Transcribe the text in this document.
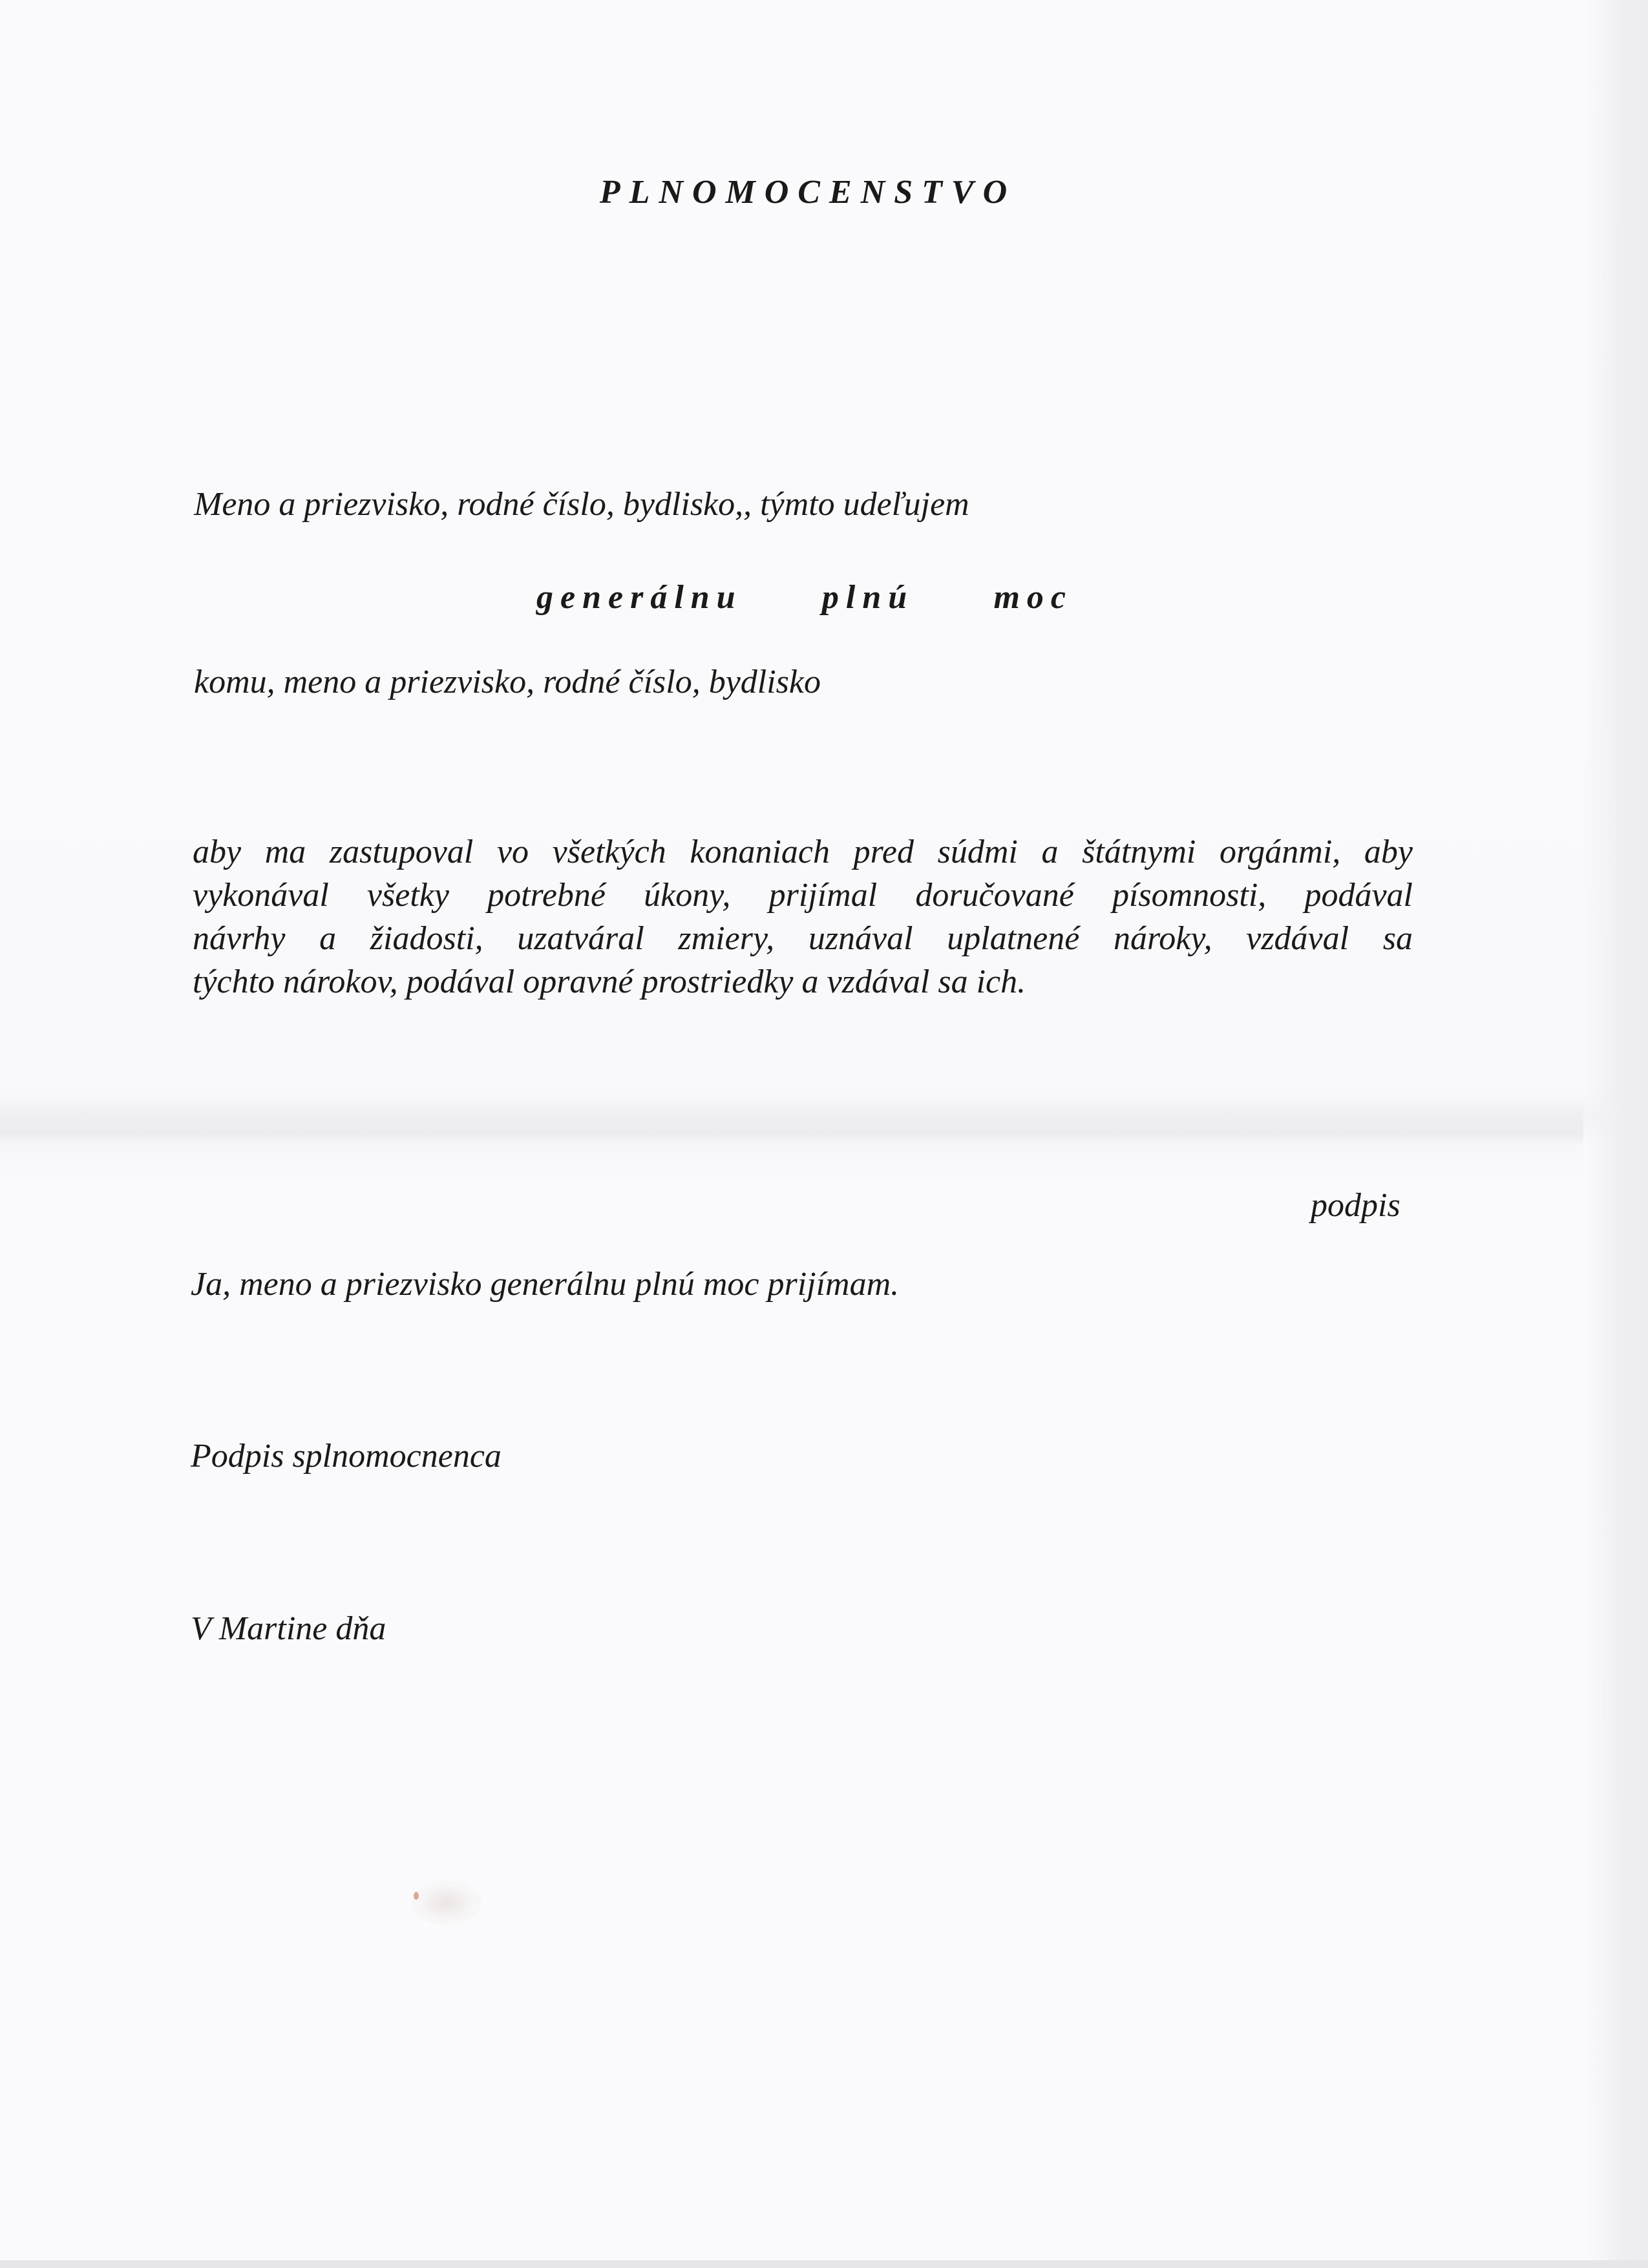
PLNOMOCENSTVO
Meno a priezvisko, rodné číslo, bydlisko,, týmto udeľujem
generálnu plnú moc
komu, meno a priezvisko, rodné číslo, bydlisko
aby ma zastupoval vo všetkých konaniach pred súdmi a štátnymi orgánmi, aby
vykonával všetky potrebné úkony, prijímal doručované písomnosti, podával
návrhy a žiadosti, uzatváral zmiery, uznával uplatnené nároky, vzdával sa
týchto nárokov, podával opravné prostriedky a vzdával sa ich.
podpis
Ja, meno a priezvisko generálnu plnú moc prijímam.
Podpis splnomocnenca
V Martine dňa
